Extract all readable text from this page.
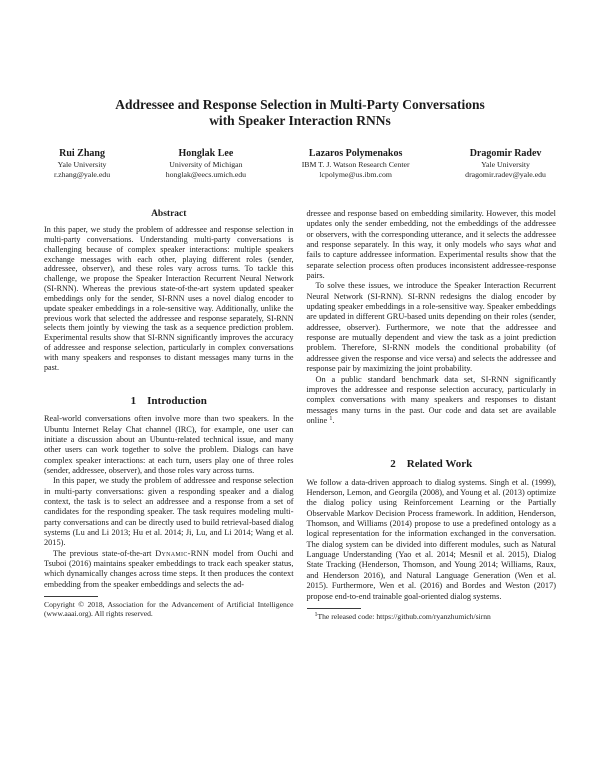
Addressee and Response Selection in Multi-Party Conversations
with Speaker Interaction RNNs
Rui Zhang
Yale University
r.zhang@yale.edu
Honglak Lee
University of Michigan
honglak@eecs.umich.edu
Lazaros Polymenakos
IBM T. J. Watson Research Center
lcpolyme@us.ibm.com
Dragomir Radev
Yale University
dragomir.radev@yale.edu
Abstract

In this paper, we study the problem of addressee and response selection in multi-party conversations. Understanding multi-party conversations is challenging because of complex speaker interactions: multiple speakers exchange messages with each other, playing different roles (sender, addressee, observer), and these roles vary across turns. To tackle this challenge, we propose the Speaker Interaction Recurrent Neural Network (SI-RNN). Whereas the previous state-of-the-art system updated speaker embeddings only for the sender, SI-RNN uses a novel dialog encoder to update speaker embeddings in a role-sensitive way. Additionally, unlike the previous work that selected the addressee and response separately, SI-RNN selects them jointly by viewing the task as a sequence prediction problem. Experimental results show that SI-RNN significantly improves the accuracy of addressee and response selection, particularly in complex conversations with many speakers and responses to distant messages many turns in the past.

1  Introduction

Real-world conversations often involve more than two speakers. In the Ubuntu Internet Relay Chat channel (IRC), for example, one user can initiate a discussion about an Ubuntu-related technical issue, and many other users can work together to solve the problem. Dialogs can have complex speaker interactions: at each turn, users play one of three roles (sender, addressee, observer), and those roles vary across turns.

In this paper, we study the problem of addressee and response selection in multi-party conversations: given a responding speaker and a dialog context, the task is to select an addressee and a response from a set of candidates for the responding speaker. The task requires modeling multi-party conversations and can be directly used to build retrieval-based dialog systems (Lu and Li 2013; Hu et al. 2014; Ji, Lu, and Li 2014; Wang et al. 2015).

The previous state-of-the-art Dynamic-RNN model from Ouchi and Tsuboi (2016) maintains speaker embeddings to track each speaker status, which dynamically changes across time steps. It then produces the context embedding from the speaker embeddings and selects the ad-

Copyright © 2018, Association for the Advancement of Artificial Intelligence (www.aaai.org). All rights reserved.

dressee and response based on embedding similarity. However, this model updates only the sender embedding, not the embeddings of the addressee or observers, with the corresponding utterance, and it selects the addressee and response separately. In this way, it only models who says what and fails to capture addressee information. Experimental results show that the separate selection process often produces inconsistent addressee-response pairs.

To solve these issues, we introduce the Speaker Interaction Recurrent Neural Network (SI-RNN). SI-RNN redesigns the dialog encoder by updating speaker embeddings in a role-sensitive way. Speaker embeddings are updated in different GRU-based units depending on their roles (sender, addressee, observer). Furthermore, we note that the addressee and response are mutually dependent and view the task as a joint prediction problem. Therefore, SI-RNN models the conditional probability (of addressee given the response and vice versa) and selects the addressee and response pair by maximizing the joint probability.

On a public standard benchmark data set, SI-RNN significantly improves the addressee and response selection accuracy, particularly in complex conversations with many speakers and responses to distant messages many turns in the past. Our code and data set are available online $^1$.

2  Related Work

We follow a data-driven approach to dialog systems. Singh et al. (1999), Henderson, Lemon, and Georgila (2008), and Young et al. (2013) optimize the dialog policy using Reinforcement Learning or the Partially Observable Markov Decision Process framework. In addition, Henderson, Thomson, and Williams (2014) propose to use a predefined ontology as a logical representation for the information exchanged in the conversation. The dialog system can be divided into different modules, such as Natural Language Understanding (Yao et al. 2014; Mesnil et al. 2015), Dialog State Tracking (Henderson, Thomson, and Young 2014; Williams, Raux, and Henderson 2016), and Natural Language Generation (Wen et al. 2015). Furthermore, Wen et al. (2016) and Bordes and Weston (2017) propose end-to-end trainable goal-oriented dialog systems.

$^1$The released code: https://github.com/ryanzhumich/sirnn
